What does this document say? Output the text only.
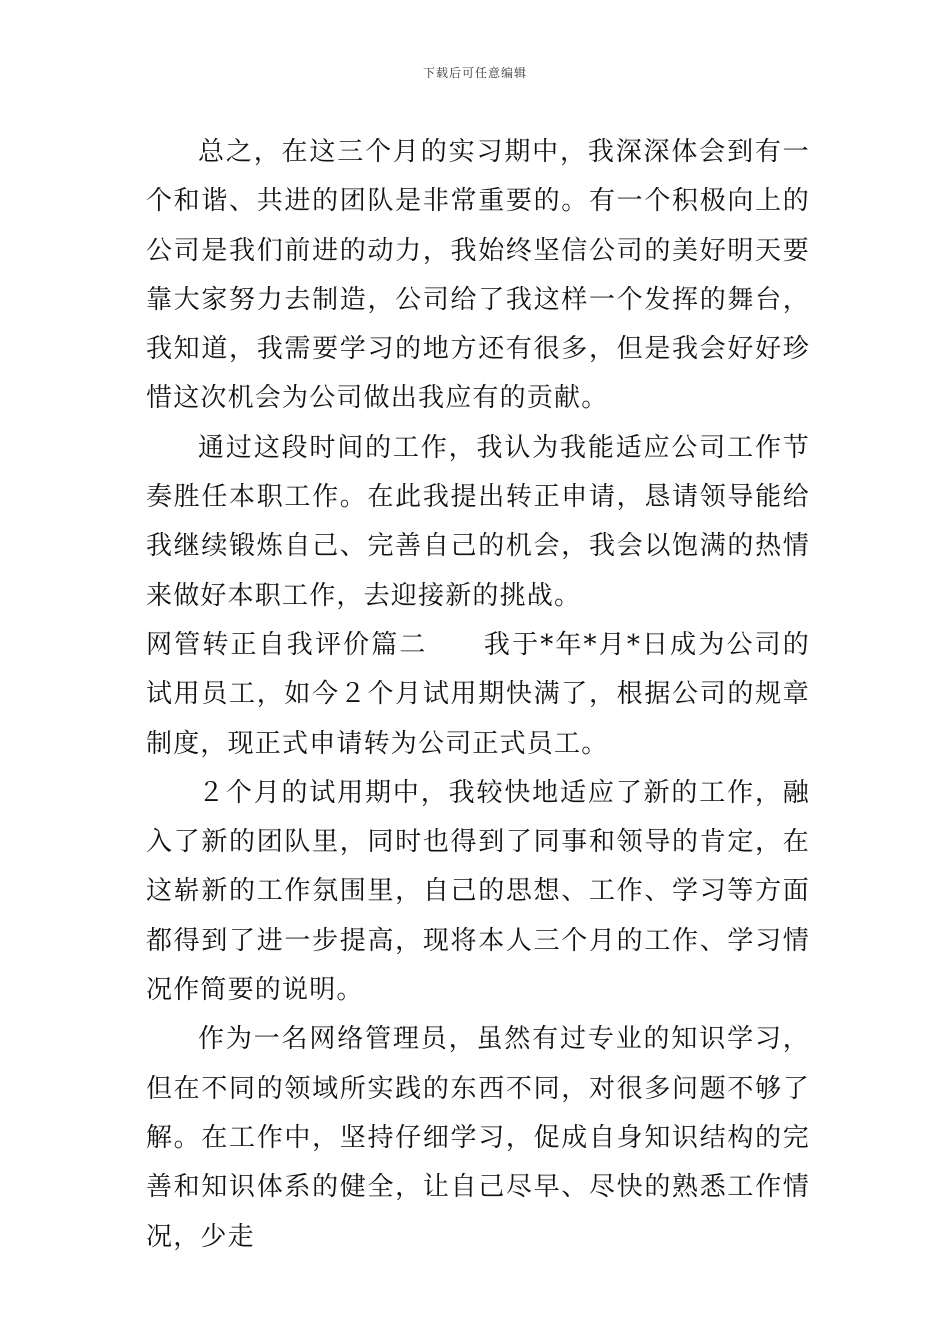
下载后可任意编辑

总之，在这三个月的实习期中，我深深体会到有一个和谐、共进的团队是非常重要的。有一个积极向上的公司是我们前进的动力，我始终坚信公司的美好明天要靠大家努力去制造，公司给了我这样一个发挥的舞台，我知道，我需要学习的地方还有很多，但是我会好好珍惜这次机会为公司做出我应有的贡献。

通过这段时间的工作，我认为我能适应公司工作节奏胜任本职工作。在此我提出转正申请，恳请领导能给我继续锻炼自己、完善自己的机会，我会以饱满的热情来做好本职工作，去迎接新的挑战。

网管转正自我评价篇二　　 我于*年*月*日成为公司的试用员工，如今２个月试用期快满了，根据公司的规章制度，现正式申请转为公司正式员工。

２个月的试用期中，我较快地适应了新的工作，融入了新的团队里，同时也得到了同事和领导的肯定，在这崭新的工作氛围里，自己的思想、工作、学习等方面都得到了进一步提高，现将本人三个月的工作、学习情况作简要的说明。

作为一名网络管理员，虽然有过专业的知识学习，但在不同的领域所实践的东西不同，对很多问题不够了解。在工作中，坚持仔细学习，促成自身知识结构的完善和知识体系的健全，让自己尽早、尽快的熟悉工作情况，少走
